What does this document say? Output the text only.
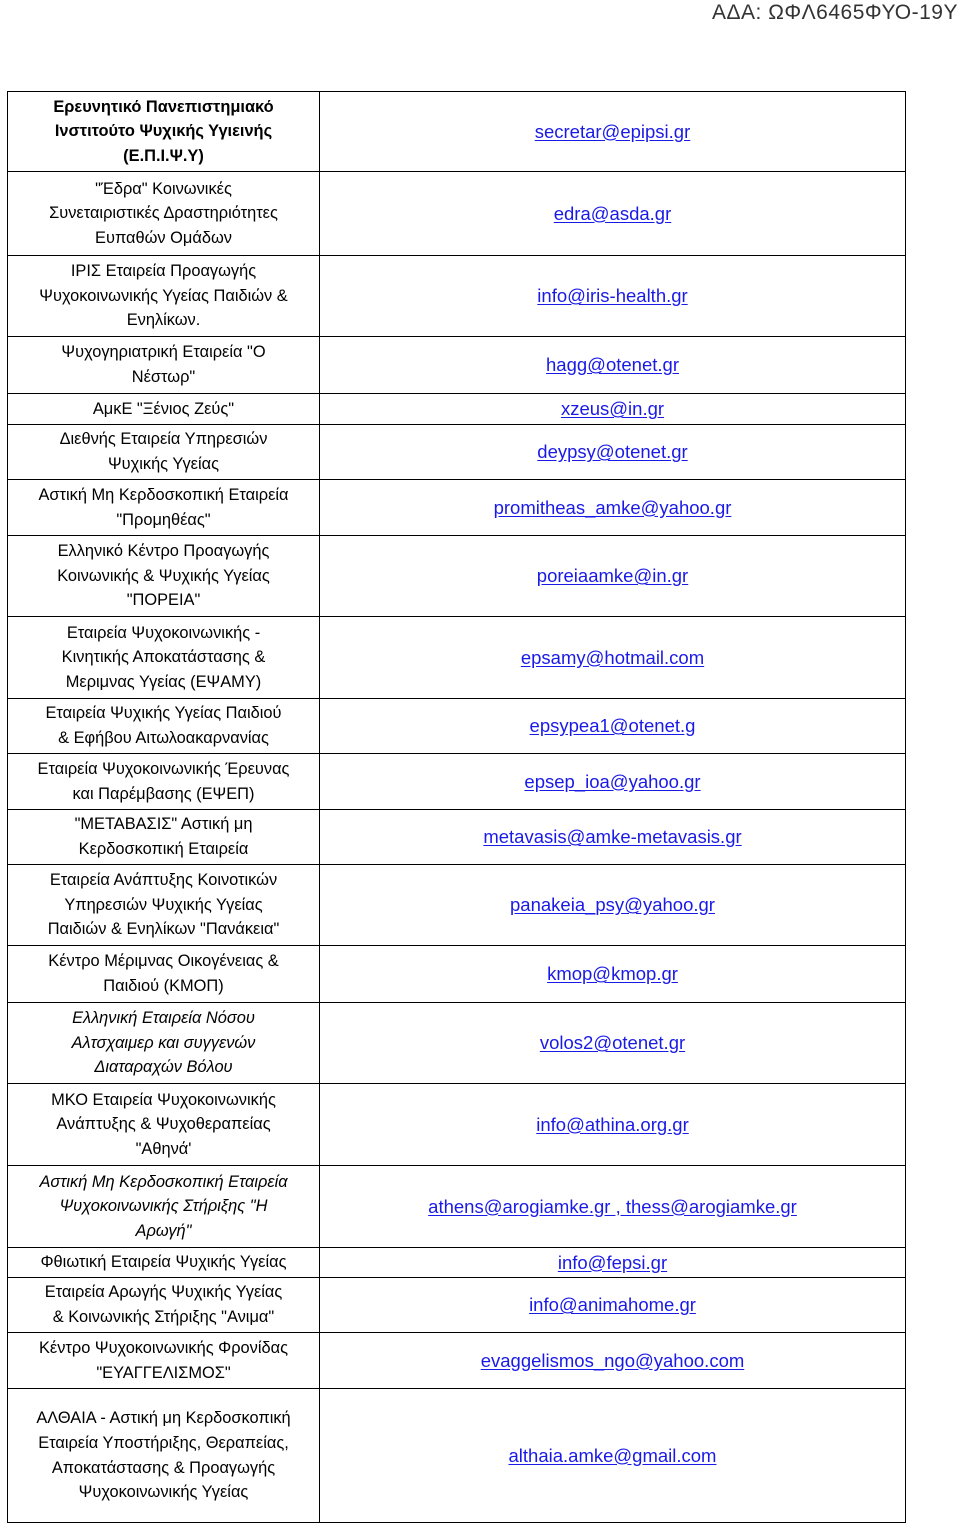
ΑΔΑ: ΩΦΛ6465ΦΥΟ-19Υ
Ερευνητικό Πανεπιστημιακό
Ινστιτούτο Ψυχικής Υγιεινής
(Ε.Π.Ι.Ψ.Υ)	secretar@epipsi.gr
"Έδρα" Κοινωνικές
Συνεταιριστικές Δραστηριότητες
Ευπαθών Ομάδων	edra@asda.gr
ΙΡΙΣ Εταιρεία Προαγωγής
Ψυχοκοινωνικής Υγείας Παιδιών &
Ενηλίκων.	info@iris-health.gr
Ψυχογηριατρική Εταιρεία "Ο
Νέστωρ"	hagg@otenet.gr
ΑμκΕ "Ξένιος Ζεύς"	xzeus@in.gr
Διεθνής Εταιρεία Υπηρεσιών
Ψυχικής Υγείας	deypsy@otenet.gr
Αστική Μη Κερδοσκοπική Εταιρεία
"Προμηθέας"	promitheas_amke@yahoo.gr
Ελληνικό Κέντρο Προαγωγής
Κοινωνικής & Ψυχικής Υγείας
"ΠΟΡΕΙΑ"	poreiaamke@in.gr
Εταιρεία Ψυχοκοινωνικής -
Κινητικής Αποκατάστασης &
Μεριμνας Υγείας (ΕΨΑΜΥ)	epsamy@hotmail.com
Εταιρεία Ψυχικής Υγείας Παιδιού
& Εφήβου Αιτωλοακαρνανίας	epsypea1@otenet.g
Εταιρεία Ψυχοκοινωνικής Έρευνας
και Παρέμβασης (ΕΨΕΠ)	epsep_ioa@yahoo.gr
"ΜΕΤΑΒΑΣΙΣ" Αστική μη
Κερδοσκοπική Εταιρεία	metavasis@amke-metavasis.gr
Εταιρεία Ανάπτυξης Κοινοτικών
Υπηρεσιών Ψυχικής Υγείας
Παιδιών & Ενηλίκων "Πανάκεια"	panakeia_psy@yahoo.gr
Κέντρο Μέριμνας Οικογένειας &
Παιδιού (ΚΜΟΠ)	kmop@kmop.gr
Ελληνική Εταιρεία Νόσου
Αλτσχαιμερ και συγγενών
Διαταραχών Βόλου	volos2@otenet.gr
ΜΚΟ Εταιρεία Ψυχοκοινωνικής
Ανάπτυξης & Ψυχοθεραπείας
"Αθηνά'	info@athina.org.gr
Αστική Μη Κερδοσκοπική Εταιρεία
Ψυχοκοινωνικής Στήριξης "Η
Αρωγή"	athens@arogiamke.gr , thess@arogiamke.gr
Φθιωτική Εταιρεία Ψυχικής Υγείας	info@fepsi.gr
Εταιρεία Αρωγής Ψυχικής Υγείας
& Κοινωνικής Στήριξης "Ανιμα"	info@animahome.gr
Κέντρο Ψυχοκοινωνικής Φρονίδας
"ΕΥΑΓΓΕΛΙΣΜΟΣ"	evaggelismos_ngo@yahoo.com
ΑΛΘΑΙΑ - Αστική μη Κερδοσκοπική
Εταιρεία Υποστήριξης, Θεραπείας,
Αποκατάστασης & Προαγωγής
Ψυχοκοινωνικής Υγείας	althaia.amke@gmail.com
